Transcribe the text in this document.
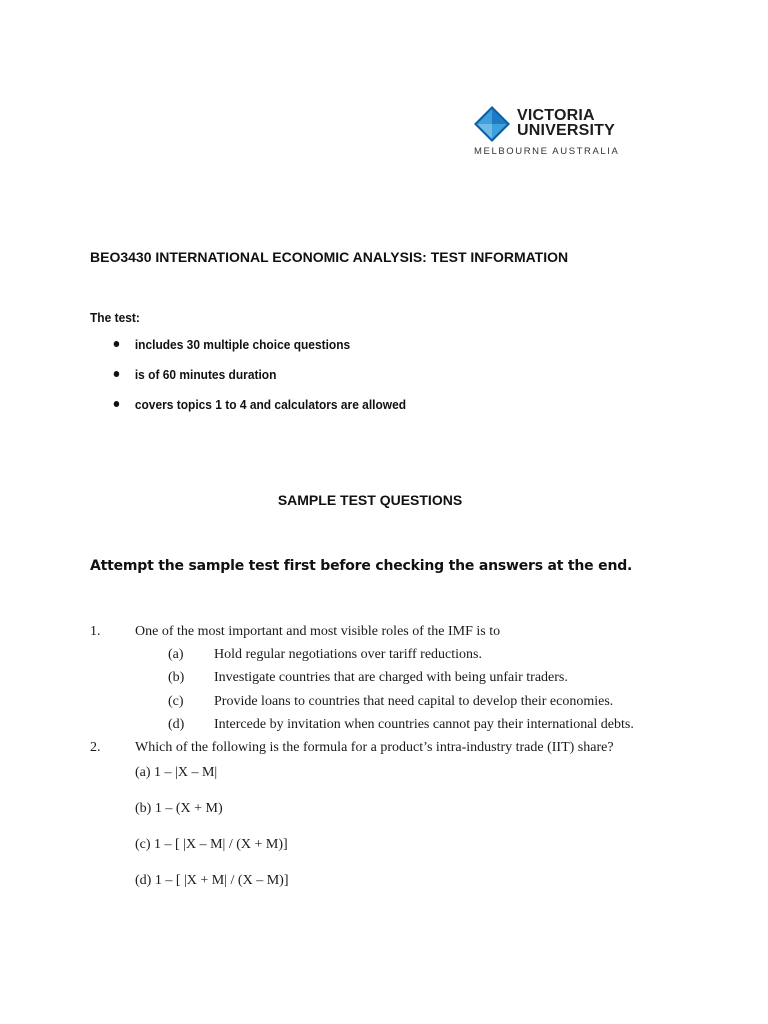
VICTORIA
UNIVERSITY
MELBOURNE AUSTRALIA
BEO3430 INTERNATIONAL ECONOMIC ANALYSIS: TEST INFORMATION
The test:
includes 30 multiple choice questions
is of 60 minutes duration
covers topics 1 to 4 and calculators are allowed
SAMPLE TEST QUESTIONS
Attempt the sample test first before checking the answers at the end.
1. One of the most important and most visible roles of the IMF is to
(a) Hold regular negotiations over tariff reductions.
(b) Investigate countries that are charged with being unfair traders.
(c) Provide loans to countries that need capital to develop their economies.
(d) Intercede by invitation when countries cannot pay their international debts.
2. Which of the following is the formula for a product’s intra-industry trade (IIT) share?
(a) 1 – |X – M|
(b) 1 – (X + M)
(c) 1 – [ |X – M| / (X + M)]
(d) 1 – [ |X + M| / (X – M)]
